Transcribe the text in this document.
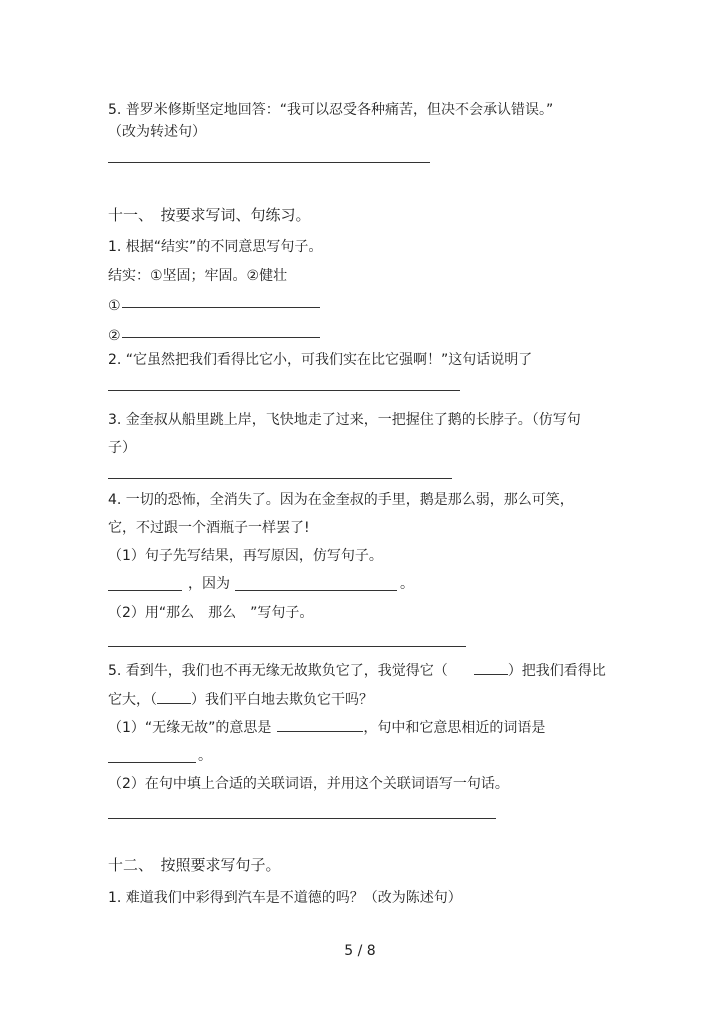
5. 普罗米修斯坚定地回答：“我可以忍受各种痛苦，但决不会承认错误。”
（改为转述句）
十一、　按要求写词、句练习。
1. 根据“结实”的不同意思写句子。
结实：①坚固；牢固。②健壮
①
②
2. “它虽然把我们看得比它小，可我们实在比它强啊！”这句话说明了
3. 金奎叔从船里跳上岸，飞快地走了过来，一把握住了鹅的长脖子。（仿写句
子）
4. 一切的恐怖，全消失了。因为在金奎叔的手里，鹅是那么弱，那么可笑，
它，不过跟一个酒瓶子一样罢了!
（1）句子先写结果，再写原因，仿写句子。
，因为	。
（2）用“那么　那么　”写句子。
5. 看到牛，我们也不再无缘无故欺负它了，我觉得它（	）把我们看得比
它大，（ ）我们平白地去欺负它干吗？
（1）“无缘无故”的意思是	，句中和它意思相近的词语是
。
（2）在句中填上合适的关联词语，并用这个关联词语写一句话。
十二、　按照要求写句子。
1. 难道我们中彩得到汽车是不道德的吗？（改为陈述句）
5 / 8
